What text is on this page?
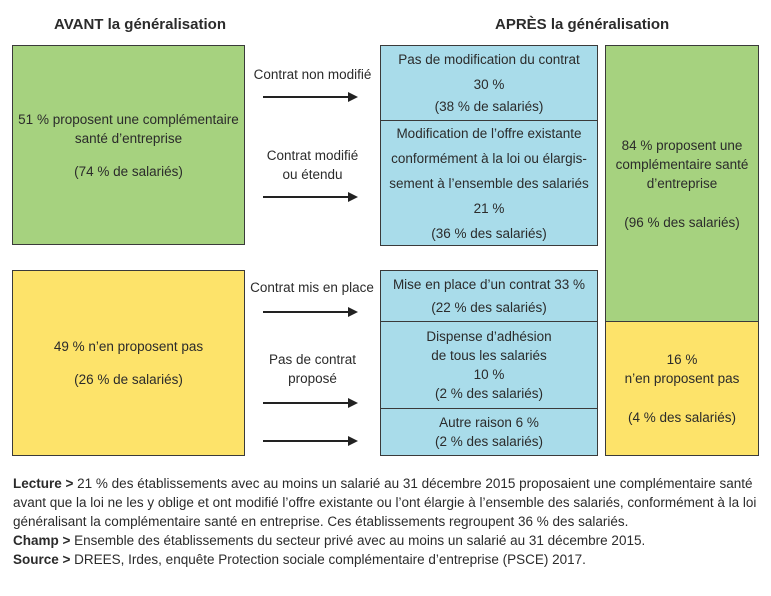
AVANT la généralisation	APRÈS la généralisation
51 % proposent une complémentaire
santé d’entreprise
(74 % de salariés)
49 % n’en proposent pas
(26 % de salariés)
Contrat non modifié
Contrat modifié
ou étendu
Contrat mis en place
Pas de contrat
proposé
Pas de modification du contrat
30 %
(38 % de salariés)
Modification de l’offre existante
conformément à la loi ou élargis-
sement à l’ensemble des salariés
21 %
(36 % des salariés)
Mise en place d’un contrat 33 %
(22 % des salariés)
Dispense d’adhésion
de tous les salariés
10 %
(2 % des salariés)
Autre raison 6 %
(2 % des salariés)
84 % proposent une
complémentaire santé
d’entreprise
(96 % des salariés)
16 %
n’en proposent pas
(4 % des salariés)

Lecture > 21 % des établissements avec au moins un salarié au 31 décembre 2015 proposaient une complémentaire santé avant que la loi ne les y oblige et ont modifié l’offre existante ou l’ont élargie à l’ensemble des salariés, conformément à la loi généralisant la complémentaire santé en entreprise. Ces établissements regroupent 36 % des salariés.

Champ > Ensemble des établissements du secteur privé avec au moins un salarié au 31 décembre 2015.

Source > DREES, Irdes, enquête Protection sociale complémentaire d’entreprise (PSCE) 2017.
